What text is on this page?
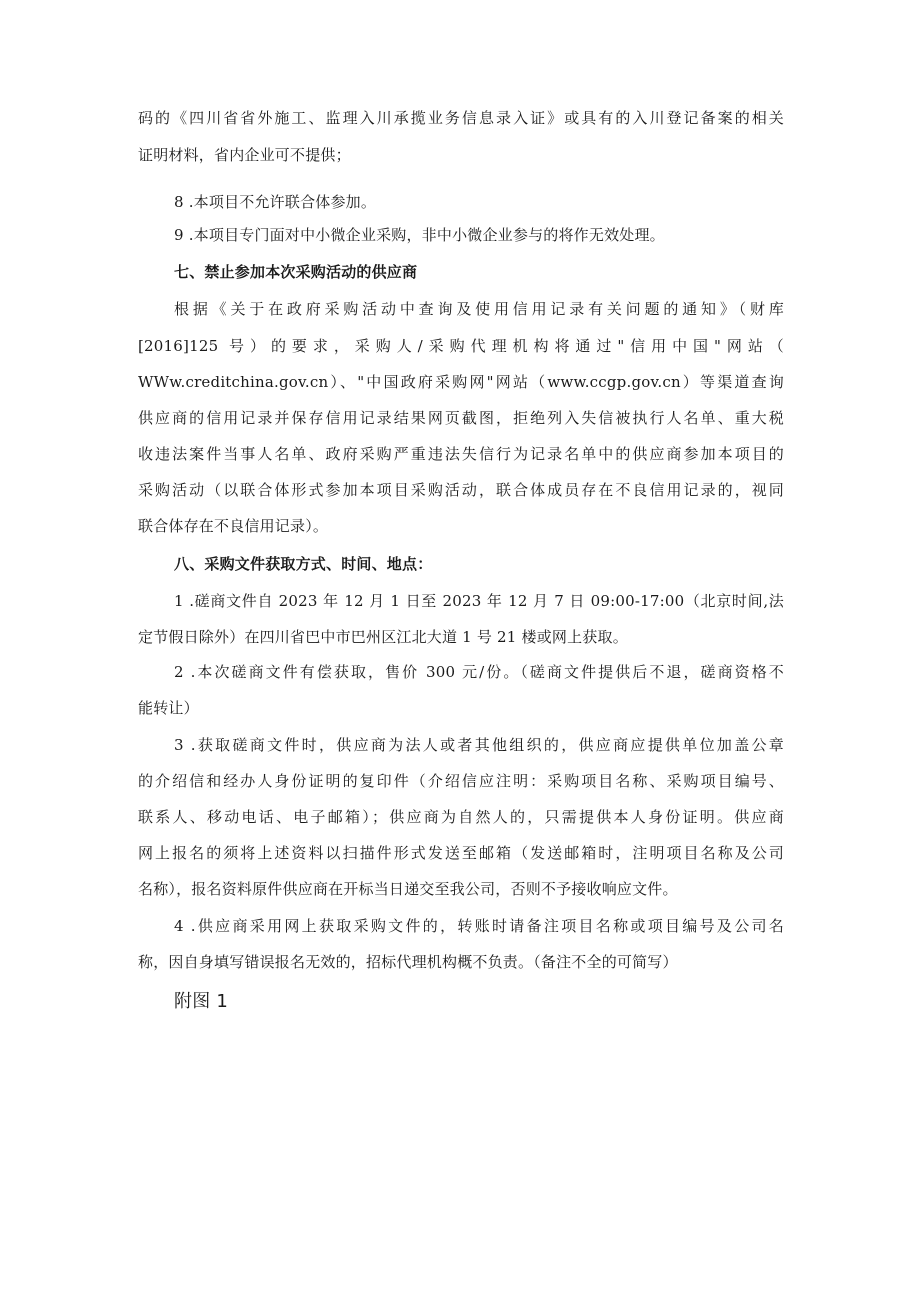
码的《四川省省外施工、监理入川承揽业务信息录入证》或具有的入川登记备案的相关
证明材料，省内企业可不提供；
8 .本项目不允许联合体参加。
9 .本项目专门面对中小微企业采购，非中小微企业参与的将作无效处理。
七、禁止参加本次采购活动的供应商
根据《关于在政府采购活动中查询及使用信用记录有关问题的通知》（财库
[2016]125 号）的要求，采购人/采购代理机构将通过"信用中国"网站（
WWw.creditchina.gov.cn）、"中国政府采购网"网站（www.ccgp.gov.cn）等渠道查询
供应商的信用记录并保存信用记录结果网页截图，拒绝列入失信被执行人名单、重大税
收违法案件当事人名单、政府采购严重违法失信行为记录名单中的供应商参加本项目的
采购活动（以联合体形式参加本项目采购活动，联合体成员存在不良信用记录的，视同
联合体存在不良信用记录）。
八、采购文件获取方式、时间、地点：
1 .磋商文件自 2023 年 12 月 1 日至 2023 年 12 月 7 日 09:00-17:00（北京时间,法
定节假日除外）在四川省巴中市巴州区江北大道 1 号 21 楼或网上获取。
2 .本次磋商文件有偿获取，售价 300 元/份。（磋商文件提供后不退，磋商资格不
能转让）
3 .获取磋商文件时，供应商为法人或者其他组织的，供应商应提供单位加盖公章
的介绍信和经办人身份证明的复印件（介绍信应注明：采购项目名称、采购项目编号、
联系人、移动电话、电子邮箱）；供应商为自然人的，只需提供本人身份证明。供应商
网上报名的须将上述资料以扫描件形式发送至邮箱（发送邮箱时，注明项目名称及公司
名称），报名资料原件供应商在开标当日递交至我公司，否则不予接收响应文件。
4 .供应商采用网上获取采购文件的，转账时请备注项目名称或项目编号及公司名
称，因自身填写错误报名无效的，招标代理机构概不负责。（备注不全的可简写）
附图 1
